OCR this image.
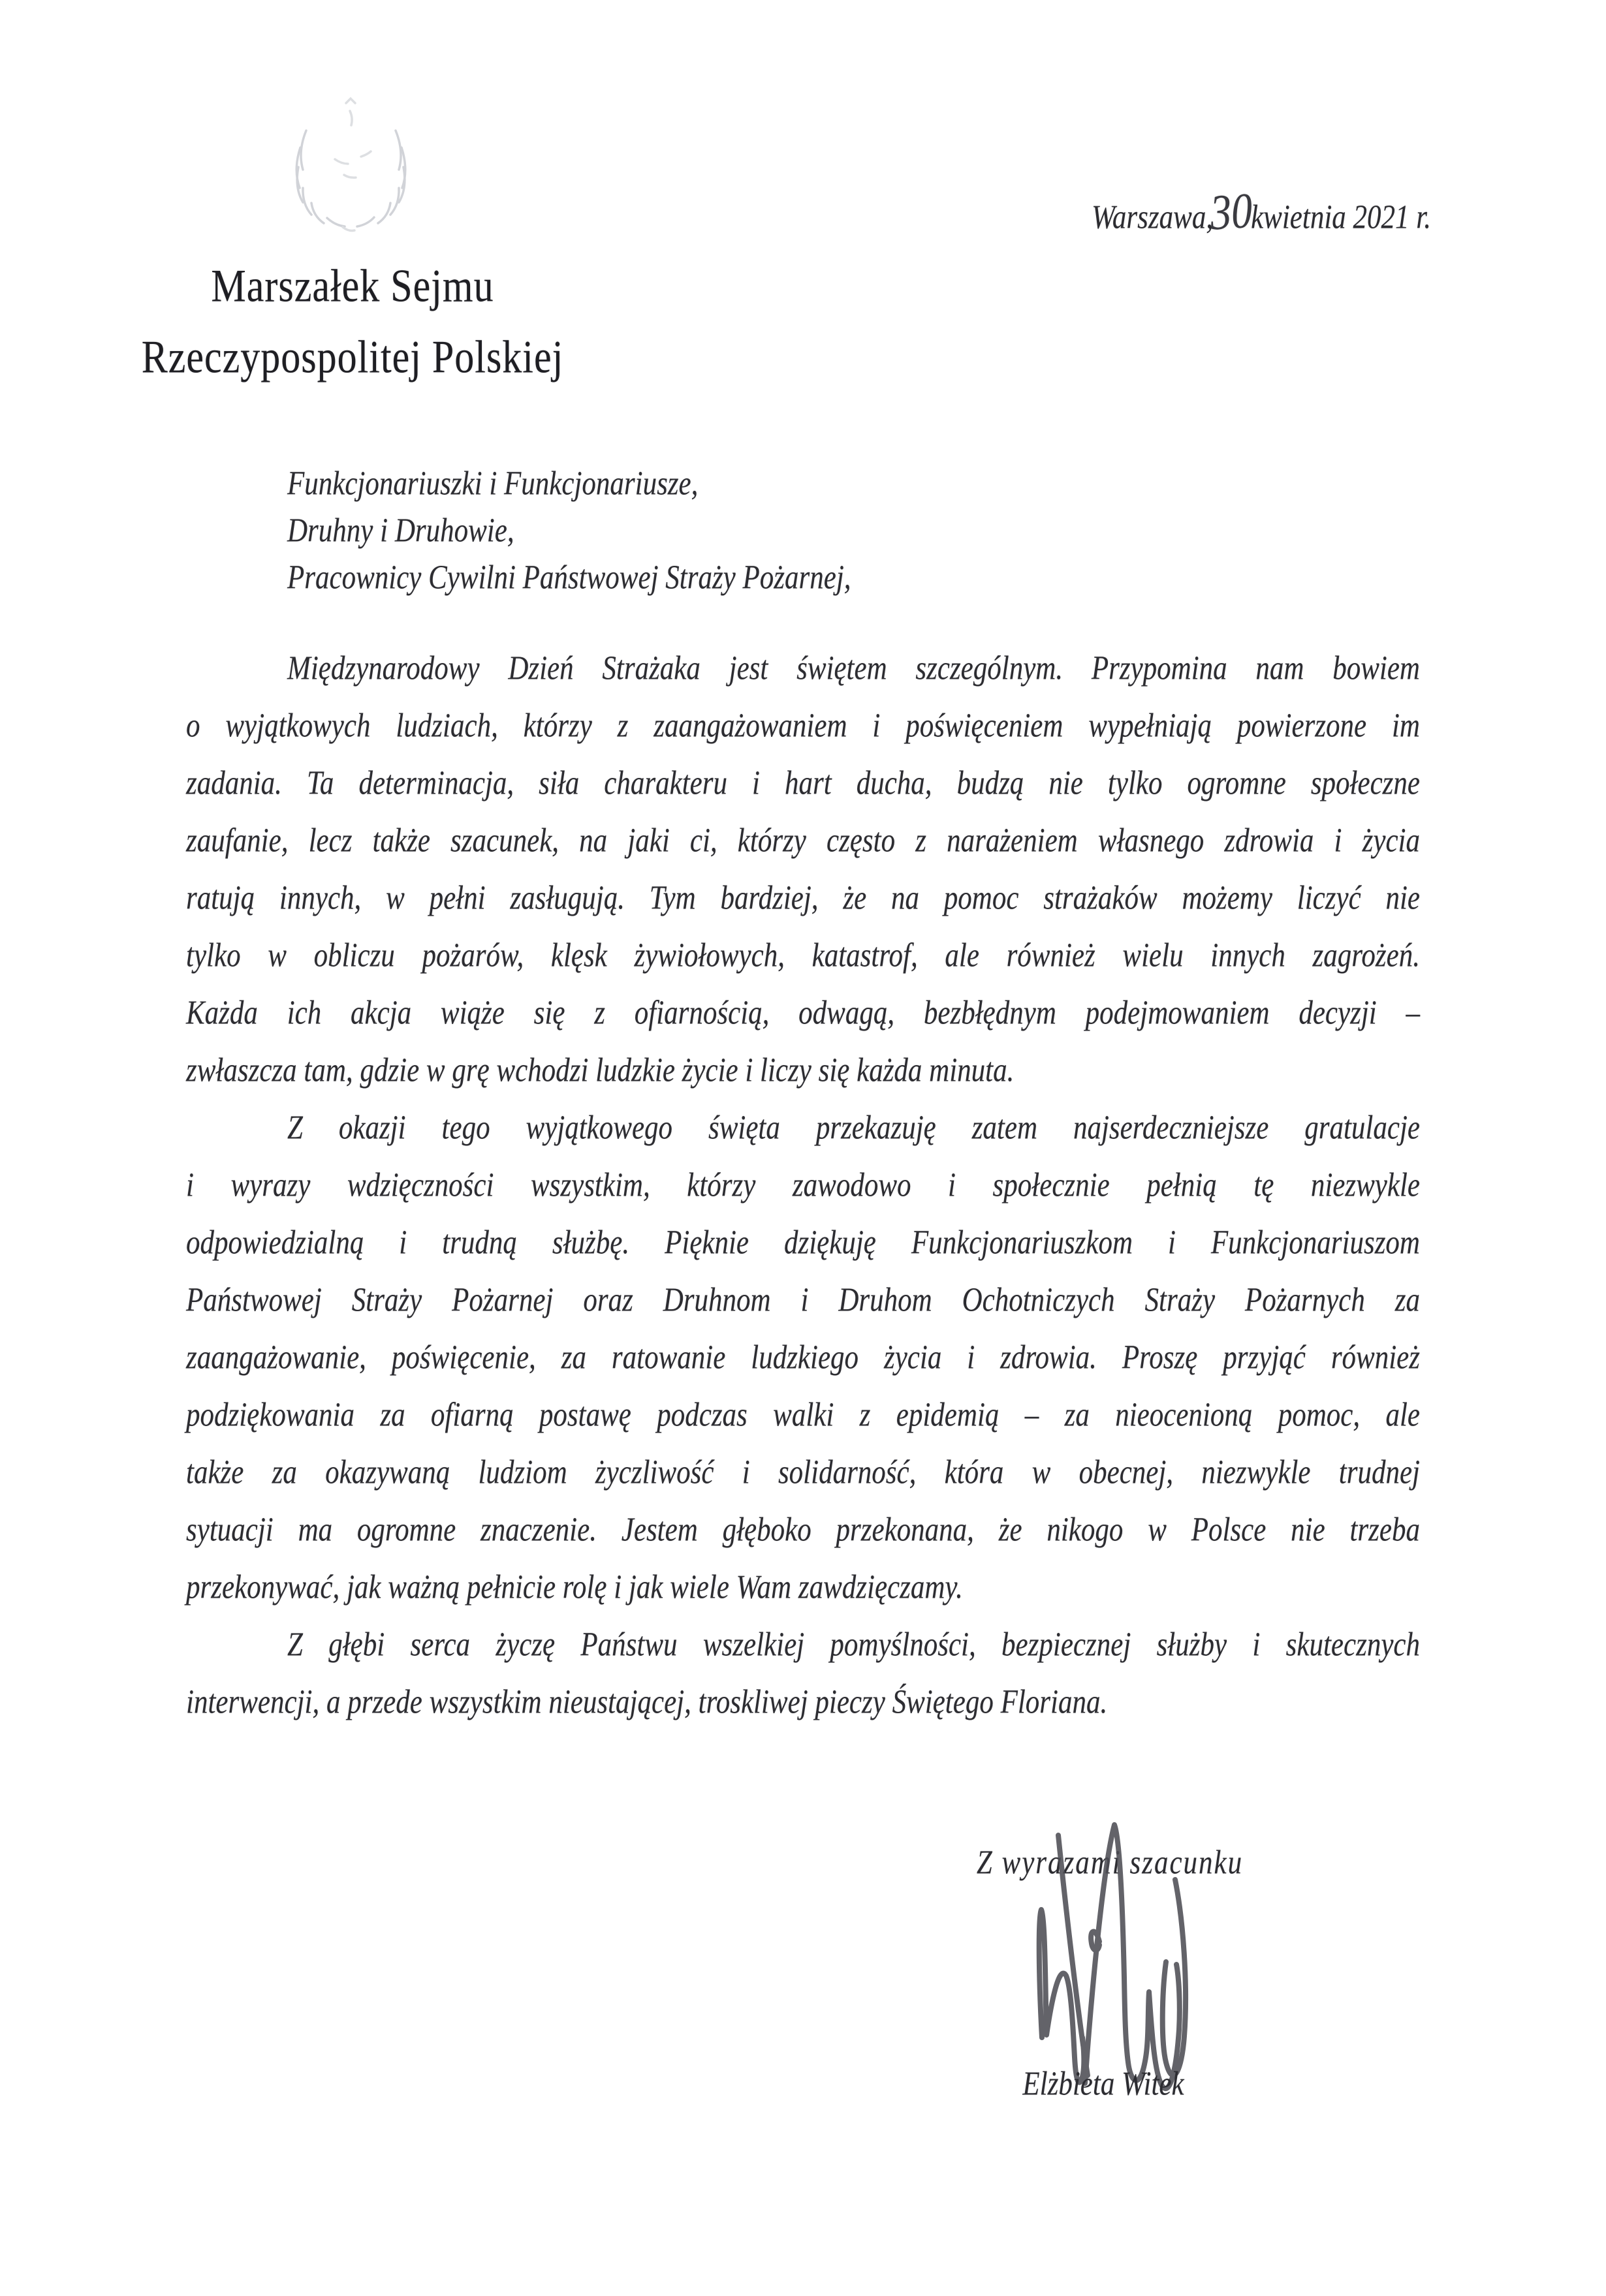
Marszałek Sejmu
Rzeczypospolitej Polskiej
Warszawa,
30
kwietnia 2021 r.
Funkcjonariuszki i Funkcjonariusze,
Druhny i Druhowie,
Pracownicy Cywilni Państwowej Straży Pożarnej,
Międzynarodowy Dzień Strażaka jest świętem szczególnym. Przypomina nam bowiem
o wyjątkowych ludziach, którzy z zaangażowaniem i poświęceniem wypełniają powierzone im
zadania. Ta determinacja, siła charakteru i hart ducha, budzą nie tylko ogromne społeczne
zaufanie, lecz także szacunek, na jaki ci, którzy często z narażeniem własnego zdrowia i życia
ratują innych, w pełni zasługują. Tym bardziej, że na pomoc strażaków możemy liczyć nie
tylko w obliczu pożarów, klęsk żywiołowych, katastrof, ale również wielu innych zagrożeń.
Każda ich akcja wiąże się z ofiarnością, odwagą, bezbłędnym podejmowaniem decyzji –
zwłaszcza tam, gdzie w grę wchodzi ludzkie życie i liczy się każda minuta.
Z okazji tego wyjątkowego święta przekazuję zatem najserdeczniejsze gratulacje
i wyrazy wdzięczności wszystkim, którzy zawodowo i społecznie pełnią tę niezwykle
odpowiedzialną i trudną służbę. Pięknie dziękuję Funkcjonariuszkom i Funkcjonariuszom
Państwowej Straży Pożarnej oraz Druhnom i Druhom Ochotniczych Straży Pożarnych za
zaangażowanie, poświęcenie, za ratowanie ludzkiego życia i zdrowia. Proszę przyjąć również
podziękowania za ofiarną postawę podczas walki z epidemią – za nieocenioną pomoc, ale
także za okazywaną ludziom życzliwość i solidarność, która w obecnej, niezwykle trudnej
sytuacji ma ogromne znaczenie. Jestem głęboko przekonana, że nikogo w Polsce nie trzeba
przekonywać, jak ważną pełnicie rolę i jak wiele Wam zawdzięczamy.
Z głębi serca życzę Państwu wszelkiej pomyślności, bezpiecznej służby i skutecznych
interwencji, a przede wszystkim nieustającej, troskliwej pieczy Świętego Floriana.
Z wyrazami szacunku
Elżbieta Witek
